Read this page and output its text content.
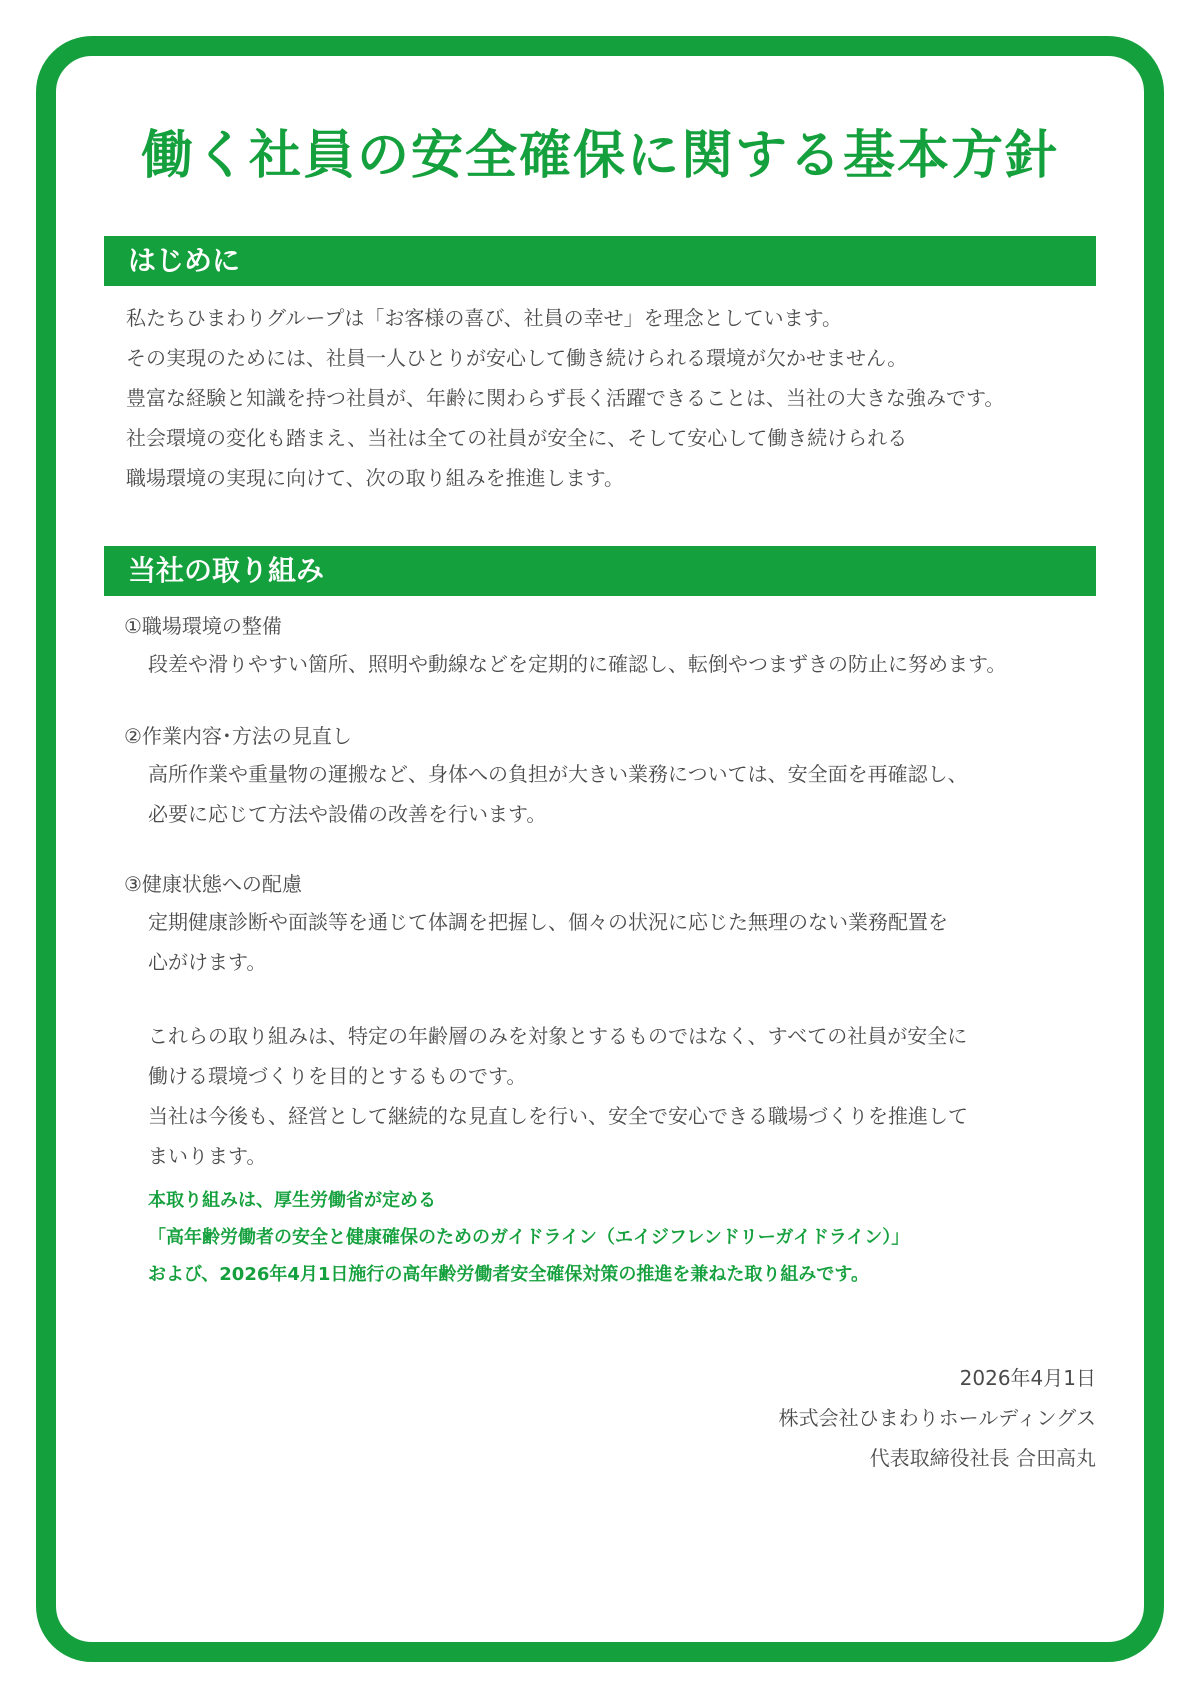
働く社員の安全確保に関する基本方針
はじめに
私たちひまわりグループは「お客様の喜び、社員の幸せ」を理念としています。
その実現のためには、社員一人ひとりが安心して働き続けられる環境が欠かせません。
豊富な経験と知識を持つ社員が、年齢に関わらず長く活躍できることは、当社の大きな強みです。
社会環境の変化も踏まえ、当社は全ての社員が安全に、そして安心して働き続けられる
職場環境の実現に向けて、次の取り組みを推進します。
当社の取り組み
①職場環境の整備
段差や滑りやすい箇所、照明や動線などを定期的に確認し、転倒やつまずきの防止に努めます。
②作業内容･方法の見直し
高所作業や重量物の運搬など、身体への負担が大きい業務については、安全面を再確認し、
必要に応じて方法や設備の改善を行います。
③健康状態への配慮
定期健康診断や面談等を通じて体調を把握し、個々の状況に応じた無理のない業務配置を
心がけます。
これらの取り組みは、特定の年齢層のみを対象とするものではなく、すべての社員が安全に
働ける環境づくりを目的とするものです。
当社は今後も、経営として継続的な見直しを行い、安全で安心できる職場づくりを推進して
まいります。
本取り組みは、厚生労働省が定める
「高年齢労働者の安全と健康確保のためのガイドライン（エイジフレンドリーガイドライン）」
および、2026年4月1日施行の高年齢労働者安全確保対策の推進を兼ねた取り組みです。
2026年4月1日
株式会社ひまわりホールディングス
代表取締役社長 合田高丸
